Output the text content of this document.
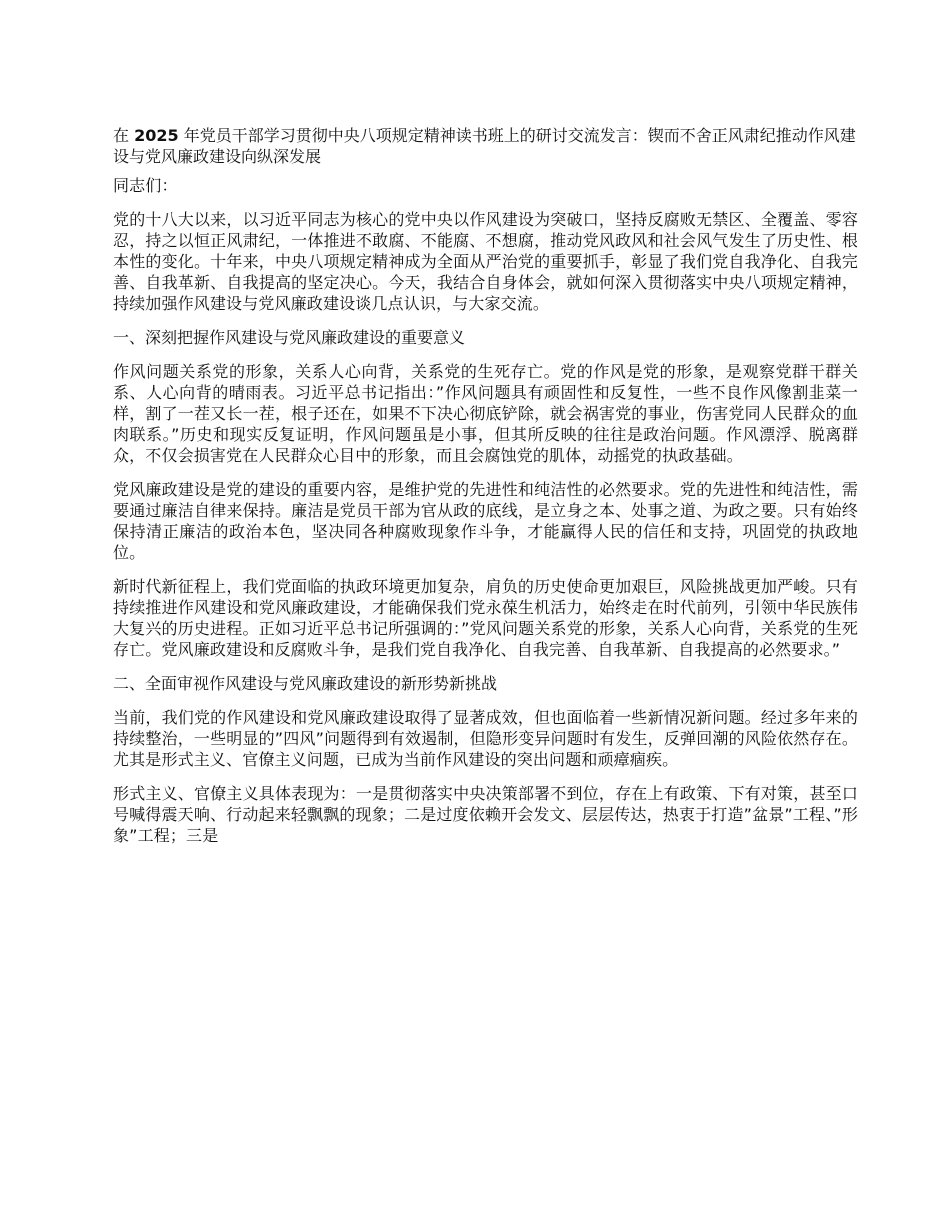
在 2025 年党员干部学习贯彻中央八项规定精神读书班上的研讨交流发言：锲而不舍正风肃纪推动作风建设与党风廉政建设向纵深发展

同志们：

党的十八大以来，以习近平同志为核心的党中央以作风建设为突破口，坚持反腐败无禁区、全覆盖、零容忍，持之以恒正风肃纪，一体推进不敢腐、不能腐、不想腐，推动党风政风和社会风气发生了历史性、根本性的变化。十年来，中央八项规定精神成为全面从严治党的重要抓手，彰显了我们党自我净化、自我完善、自我革新、自我提高的坚定决心。今天，我结合自身体会，就如何深入贯彻落实中央八项规定精神，持续加强作风建设与党风廉政建设谈几点认识，与大家交流。

一、深刻把握作风建设与党风廉政建设的重要意义

作风问题关系党的形象，关系人心向背，关系党的生死存亡。党的作风是党的形象，是观察党群干群关系、人心向背的晴雨表。习近平总书记指出：”作风问题具有顽固性和反复性，一些不良作风像割韭菜一样，割了一茬又长一茬，根子还在，如果不下决心彻底铲除，就会祸害党的事业，伤害党同人民群众的血肉联系。”历史和现实反复证明，作风问题虽是小事，但其所反映的往往是政治问题。作风漂浮、脱离群众，不仅会损害党在人民群众心目中的形象，而且会腐蚀党的肌体，动摇党的执政基础。

党风廉政建设是党的建设的重要内容，是维护党的先进性和纯洁性的必然要求。党的先进性和纯洁性，需要通过廉洁自律来保持。廉洁是党员干部为官从政的底线，是立身之本、处事之道、为政之要。只有始终保持清正廉洁的政治本色，坚决同各种腐败现象作斗争，才能赢得人民的信任和支持，巩固党的执政地位。

新时代新征程上，我们党面临的执政环境更加复杂，肩负的历史使命更加艰巨，风险挑战更加严峻。只有持续推进作风建设和党风廉政建设，才能确保我们党永葆生机活力，始终走在时代前列，引领中华民族伟大复兴的历史进程。正如习近平总书记所强调的：”党风问题关系党的形象，关系人心向背，关系党的生死存亡。党风廉政建设和反腐败斗争，是我们党自我净化、自我完善、自我革新、自我提高的必然要求。”

二、全面审视作风建设与党风廉政建设的新形势新挑战

当前，我们党的作风建设和党风廉政建设取得了显著成效，但也面临着一些新情况新问题。经过多年来的持续整治，一些明显的”四风”问题得到有效遏制，但隐形变异问题时有发生，反弹回潮的风险依然存在。尤其是形式主义、官僚主义问题，已成为当前作风建设的突出问题和顽瘴痼疾。

形式主义、官僚主义具体表现为：一是贯彻落实中央决策部署不到位，存在上有政策、下有对策，甚至口号喊得震天响、行动起来轻飘飘的现象；二是过度依赖开会发文、层层传达，热衷于打造”盆景”工程、”形象”工程；三是
